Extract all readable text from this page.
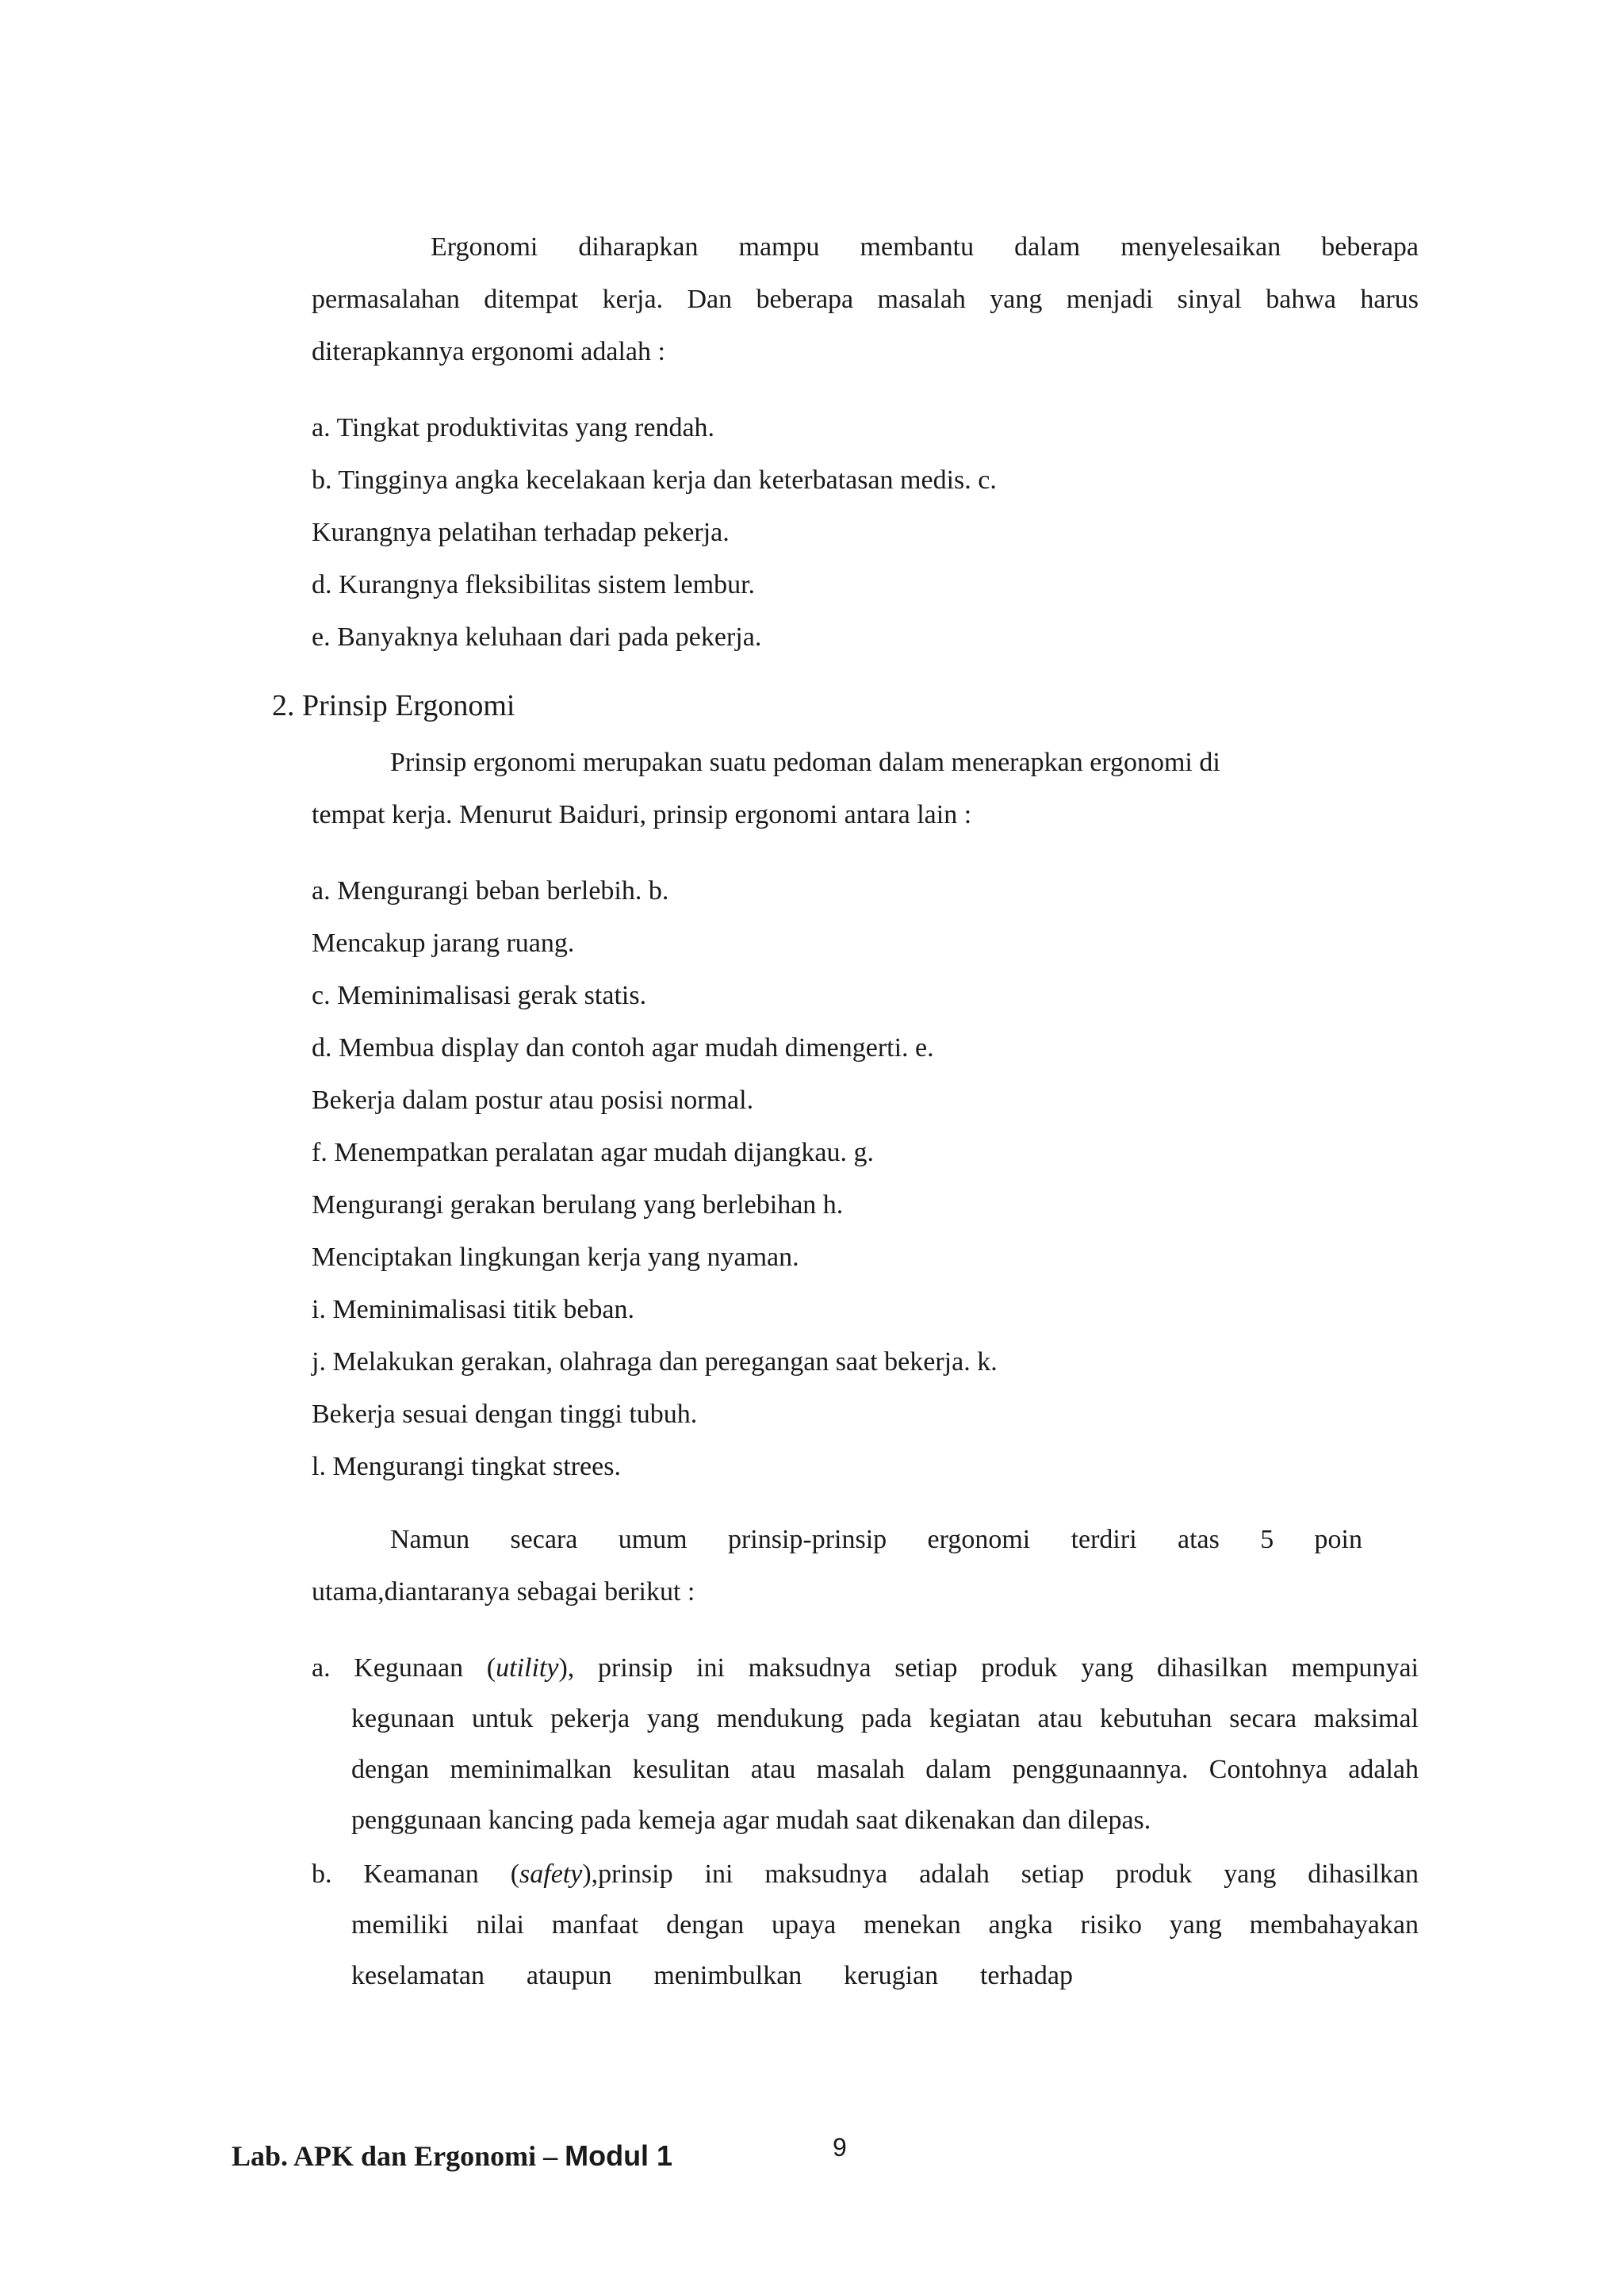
Ergonomi diharapkan mampu membantu dalam menyelesaikan beberapa
permasalahan ditempat kerja. Dan beberapa masalah yang menjadi sinyal bahwa harus
diterapkannya ergonomi adalah :
a. Tingkat produktivitas yang rendah.
b. Tingginya angka kecelakaan kerja dan keterbatasan medis. c.
Kurangnya pelatihan terhadap pekerja.
d. Kurangnya fleksibilitas sistem lembur.
e. Banyaknya keluhaan dari pada pekerja.
2. Prinsip Ergonomi
Prinsip ergonomi merupakan suatu pedoman dalam menerapkan ergonomi di
tempat kerja. Menurut Baiduri, prinsip ergonomi antara lain :
a. Mengurangi beban berlebih. b.
Mencakup jarang ruang.
c. Meminimalisasi gerak statis.
d. Membua display dan contoh agar mudah dimengerti. e.
Bekerja dalam postur atau posisi normal.
f. Menempatkan peralatan agar mudah dijangkau. g.
Mengurangi gerakan berulang yang berlebihan h.
Menciptakan lingkungan kerja yang nyaman.
i. Meminimalisasi titik beban.
j. Melakukan gerakan, olahraga dan peregangan saat bekerja. k.
Bekerja sesuai dengan tinggi tubuh.
l. Mengurangi tingkat strees.
Namun secara umum prinsip-prinsip ergonomi terdiri atas 5 poin
utama,diantaranya sebagai berikut :
a. Kegunaan (utility), prinsip ini maksudnya setiap produk yang dihasilkan mempunyai
kegunaan untuk pekerja yang mendukung pada kegiatan atau kebutuhan secara maksimal
dengan meminimalkan kesulitan atau masalah dalam penggunaannya. Contohnya adalah
penggunaan kancing pada kemeja agar mudah saat dikenakan dan dilepas.
b. Keamanan (safety),prinsip ini maksudnya adalah setiap produk yang dihasilkan
memiliki nilai manfaat dengan upaya menekan angka risiko yang membahayakan
keselamatan ataupun menimbulkan kerugian terhadap
Lab. APK dan Ergonomi – Modul 1	9
